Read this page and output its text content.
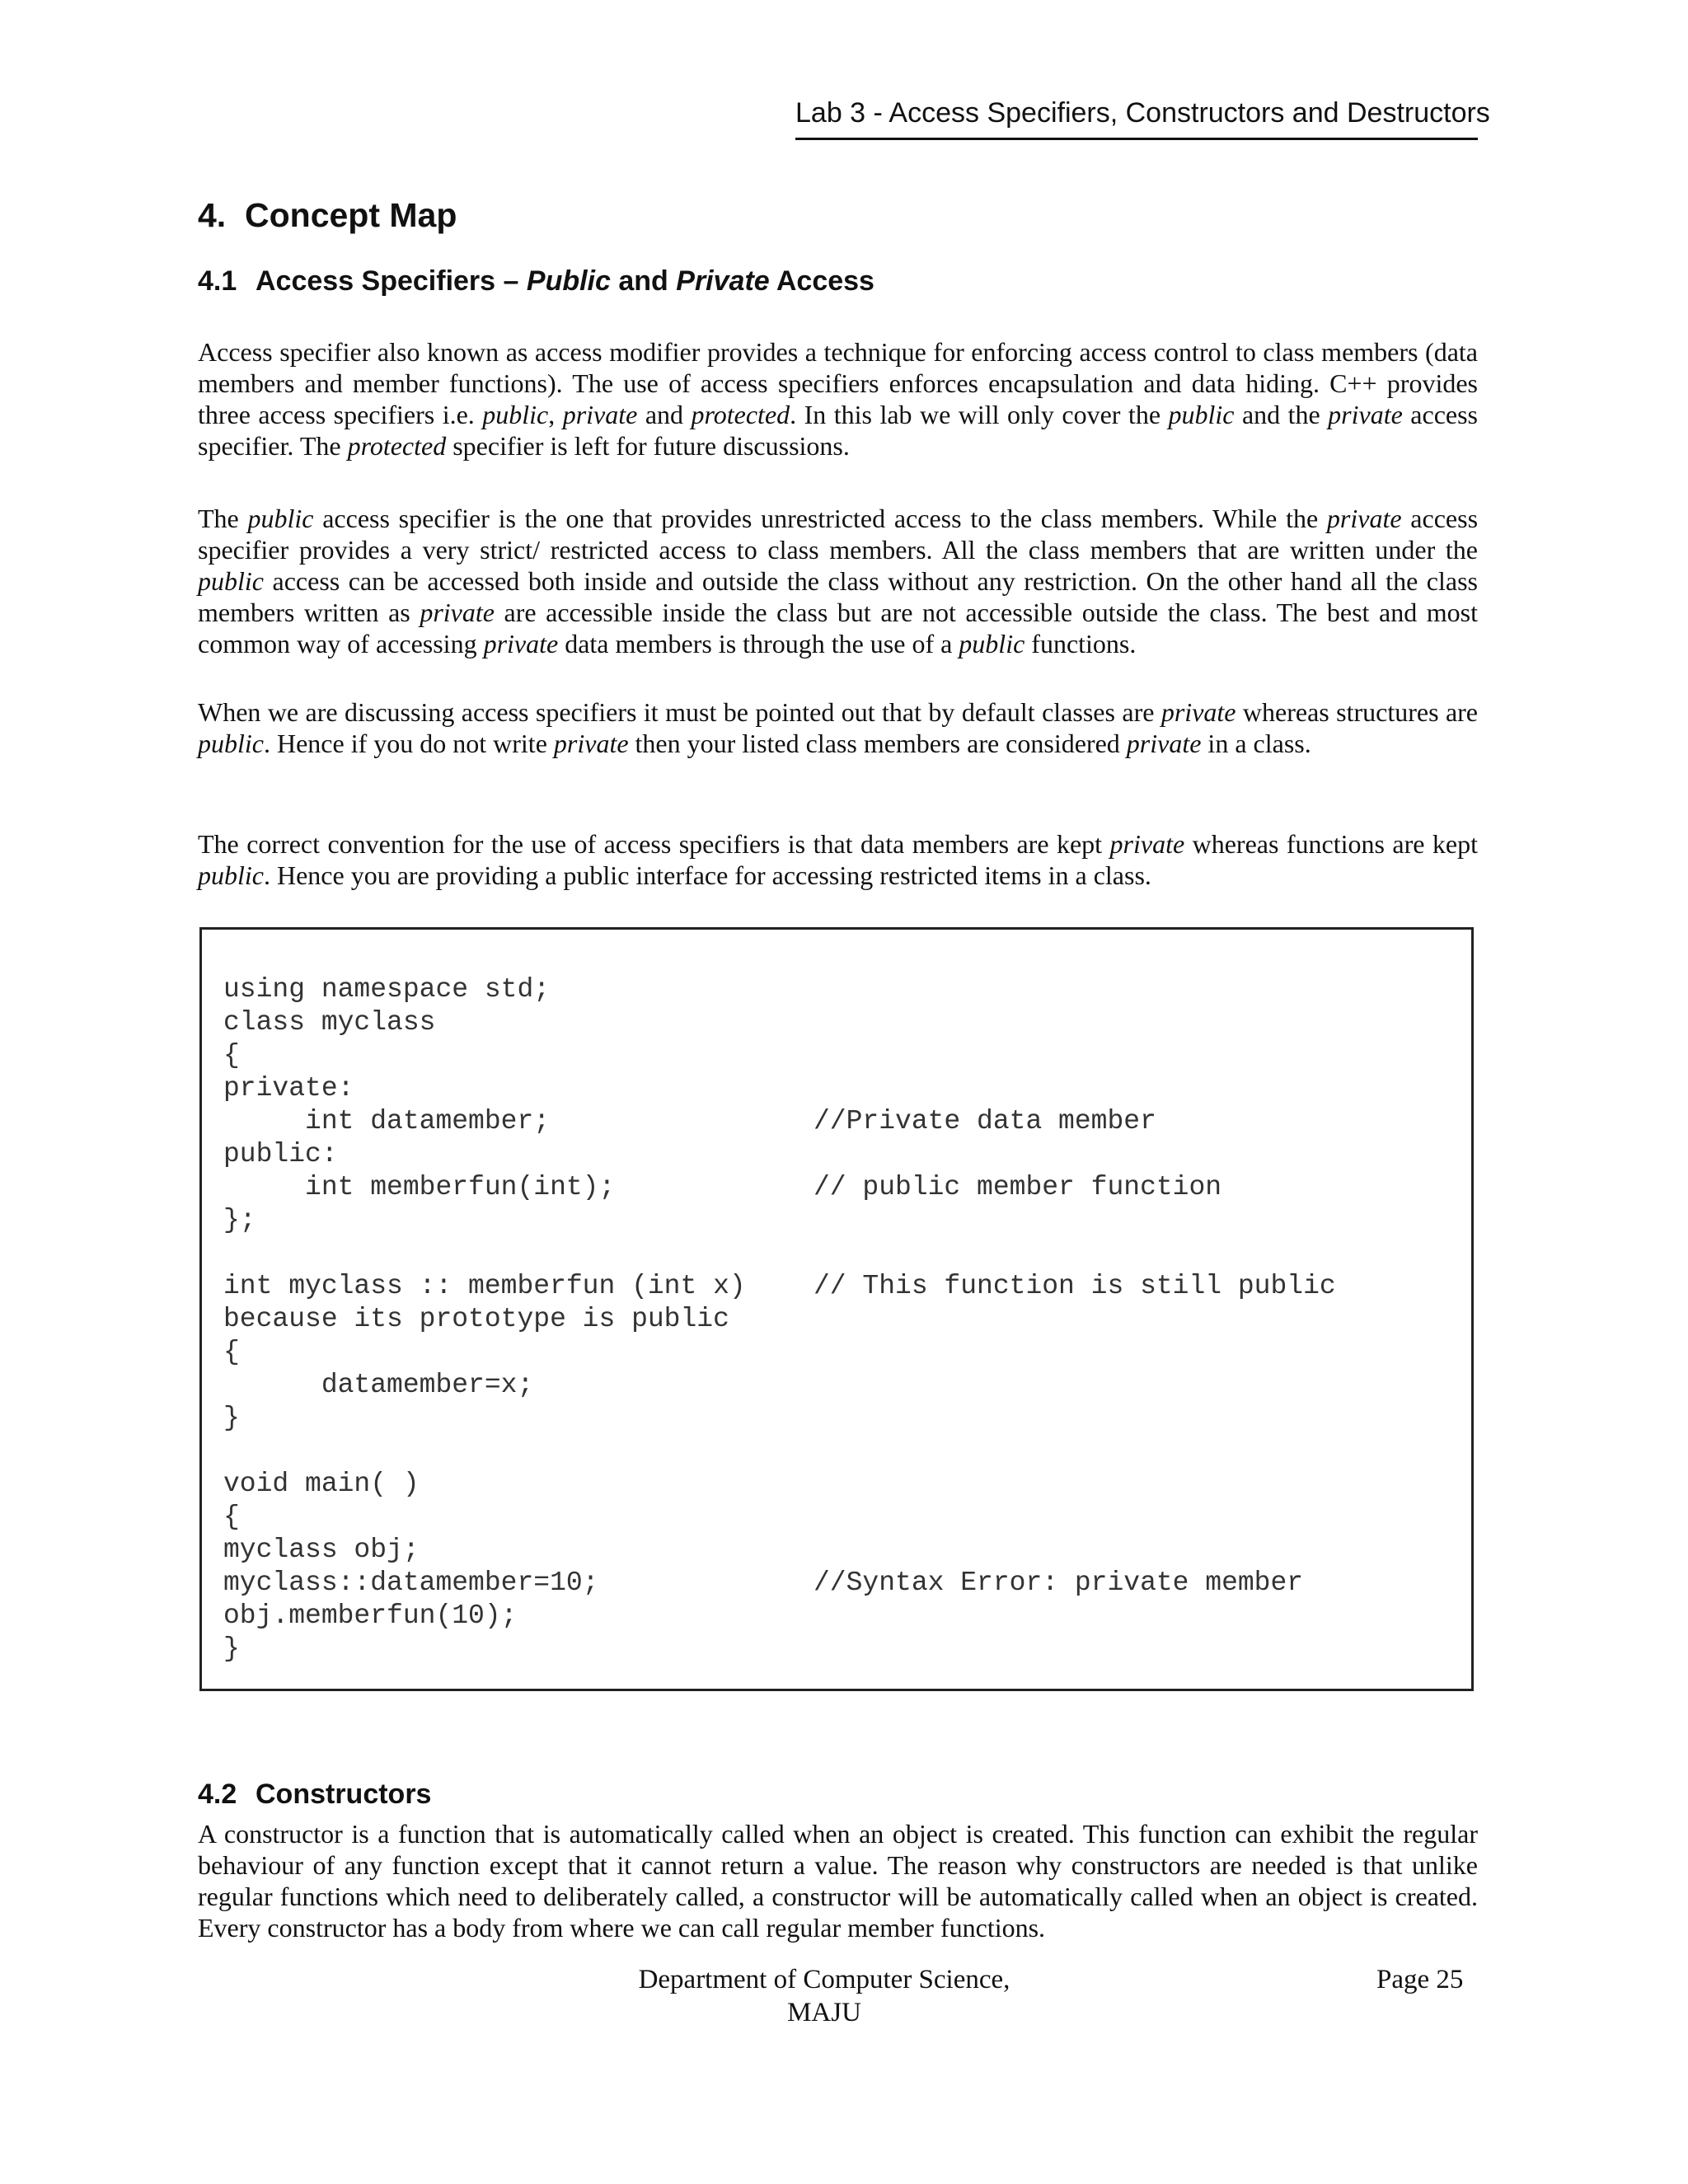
Lab 3 - Access Specifiers, Constructors and Destructors
4. Concept Map
4.1 Access Specifiers – Public and Private Access

Access specifier also known as access modifier provides a technique for enforcing access control to class members (data members and member functions). The use of access specifiers enforces encapsulation and data hiding. C++ provides three access specifiers i.e. public, private and protected. In this lab we will only cover the public and the private access specifier. The protected specifier is left for future discussions.

The public access specifier is the one that provides unrestricted access to the class members. While the private access specifier provides a very strict/ restricted access to class members. All the class members that are written under the public access can be accessed both inside and outside the class without any restriction. On the other hand all the class members written as private are accessible inside the class but are not accessible outside the class. The best and most common way of accessing private data members is through the use of a public functions.

When we are discussing access specifiers it must be pointed out that by default classes are private whereas structures are public. Hence if you do not write private then your listed class members are considered private in a class.

The correct convention for the use of access specifiers is that data members are kept private whereas functions are kept public. Hence you are providing a public interface for accessing restricted items in a class.

using namespace std;
class myclass
{
private:
int datamember;	//Private data member
public:
int memberfun(int);	// public member function
};
int myclass :: memberfun (int x) // This function is still public
because its prototype is public
{
datamember=x;
}
void main( )
{
myclass obj;
myclass::datamember=10;	//Syntax Error: private member
obj.memberfun(10);
}
4.2 Constructors

A constructor is a function that is automatically called when an object is created. This function can exhibit the regular behaviour of any function except that it cannot return a value. The reason why constructors are needed is that unlike regular functions which need to deliberately called, a constructor will be automatically called when an object is created. Every constructor has a body from where we can call regular member functions.

Department of Computer Science,
MAJU
Page 25
